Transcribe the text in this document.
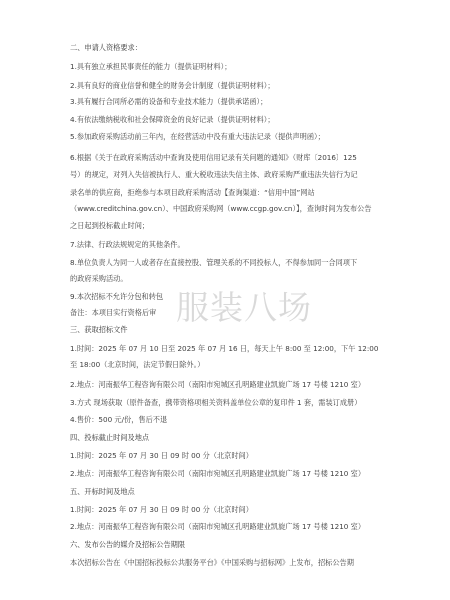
二、申请人资格要求：
1.具有独立承担民事责任的能力（提供证明材料）；
2.具有良好的商业信誉和健全的财务会计制度（提供证明材料）；
3.具有履行合同所必需的设备和专业技术能力（提供承诺函）；
4.有依法缴纳税收和社会保障资金的良好记录（提供证明材料）；
5.参加政府采购活动前三年内，在经营活动中没有重大违法记录（提供声明函）；
6.根据《关于在政府采购活动中查询及使用信用记录有关问题的通知》（财库〔2016〕125
号）的规定，对列入失信被执行人、重大税收违法失信主体、政府采购严重违法失信行为记
录名单的供应商，拒绝参与本项目政府采购活动【查询渠道：“信用中国”网站
（www.creditchina.gov.cn）、中国政府采购网（www.ccgp.gov.cn）】，查询时间为发布公告
之日起到投标截止时间；
7.法律、行政法规规定的其他条件。
8.单位负责人为同一人或者存在直接控股、管理关系的不同投标人，不得参加同一合同项下
的政府采购活动。
9.本次招标不允许分包和转包
备注：本项目实行资格后审
三、获取招标文件
1.时间：2025 年 07 月 10 日至 2025 年 07 月 16 日，每天上午 8:00 至 12:00，下午 12:00
至 18:00（北京时间，法定节假日除外。）
2.地点：河南振华工程咨询有限公司（南阳市宛城区孔明路建业凯旋广场 17 号楼 1210 室）
3.方式 现场获取（原件备查，携带资格项相关资料盖单位公章的复印件 1 套，需装订成册）
4.售价：500 元/份，售后不退
四、投标截止时间及地点
1.时间：2025 年 07 月 30 日 09 时 00 分（北京时间）
2.地点：河南振华工程咨询有限公司（南阳市宛城区孔明路建业凯旋广场 17 号楼 1210 室）
五、开标时间及地点
1.时间：2025 年 07 月 30 日 09 时 00 分（北京时间）
2.地点：河南振华工程咨询有限公司（南阳市宛城区孔明路建业凯旋广场 17 号楼 1210 室）
六、发布公告的媒介及招标公告期限
本次招标公告在《中国招标投标公共服务平台》《中国采购与招标网》上发布，招标公告期
服装八场
